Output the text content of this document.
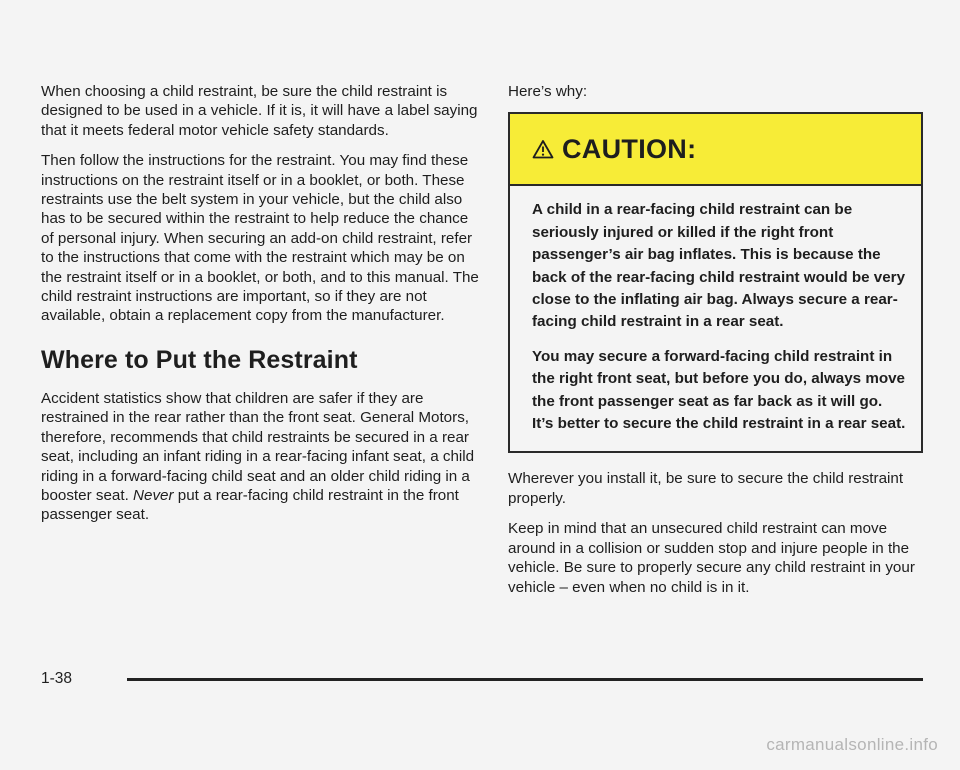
When choosing a child restraint, be sure the child restraint is designed to be used in a vehicle. If it is, it will have a label saying that it meets federal motor vehicle safety standards.

Then follow the instructions for the restraint. You may find these instructions on the restraint itself or in a booklet, or both. These restraints use the belt system in your vehicle, but the child also has to be secured within the restraint to help reduce the chance of personal injury. When securing an add-on child restraint, refer to the instructions that come with the restraint which may be on the restraint itself or in a booklet, or both, and to this manual. The child restraint instructions are important, so if they are not available, obtain a replacement copy from the manufacturer.

Where to Put the Restraint

Accident statistics show that children are safer if they are restrained in the rear rather than the front seat. General Motors, therefore, recommends that child restraints be secured in a rear seat, including an infant riding in a rear-facing infant seat, a child riding in a forward-facing child seat and an older child riding in a booster seat. Never put a rear-facing child restraint in the front passenger seat.

Here’s why:

CAUTION:

A child in a rear-facing child restraint can be seriously injured or killed if the right front passenger’s air bag inflates. This is because the back of the rear-facing child restraint would be very close to the inflating air bag. Always secure a rear-facing child restraint in a rear seat.

You may secure a forward-facing child restraint in the right front seat, but before you do, always move the front passenger seat as far back as it will go. It’s better to secure the child restraint in a rear seat.

Wherever you install it, be sure to secure the child restraint properly.

Keep in mind that an unsecured child restraint can move around in a collision or sudden stop and injure people in the vehicle. Be sure to properly secure any child restraint in your vehicle – even when no child is in it.

1-38
carmanualsonline.info
